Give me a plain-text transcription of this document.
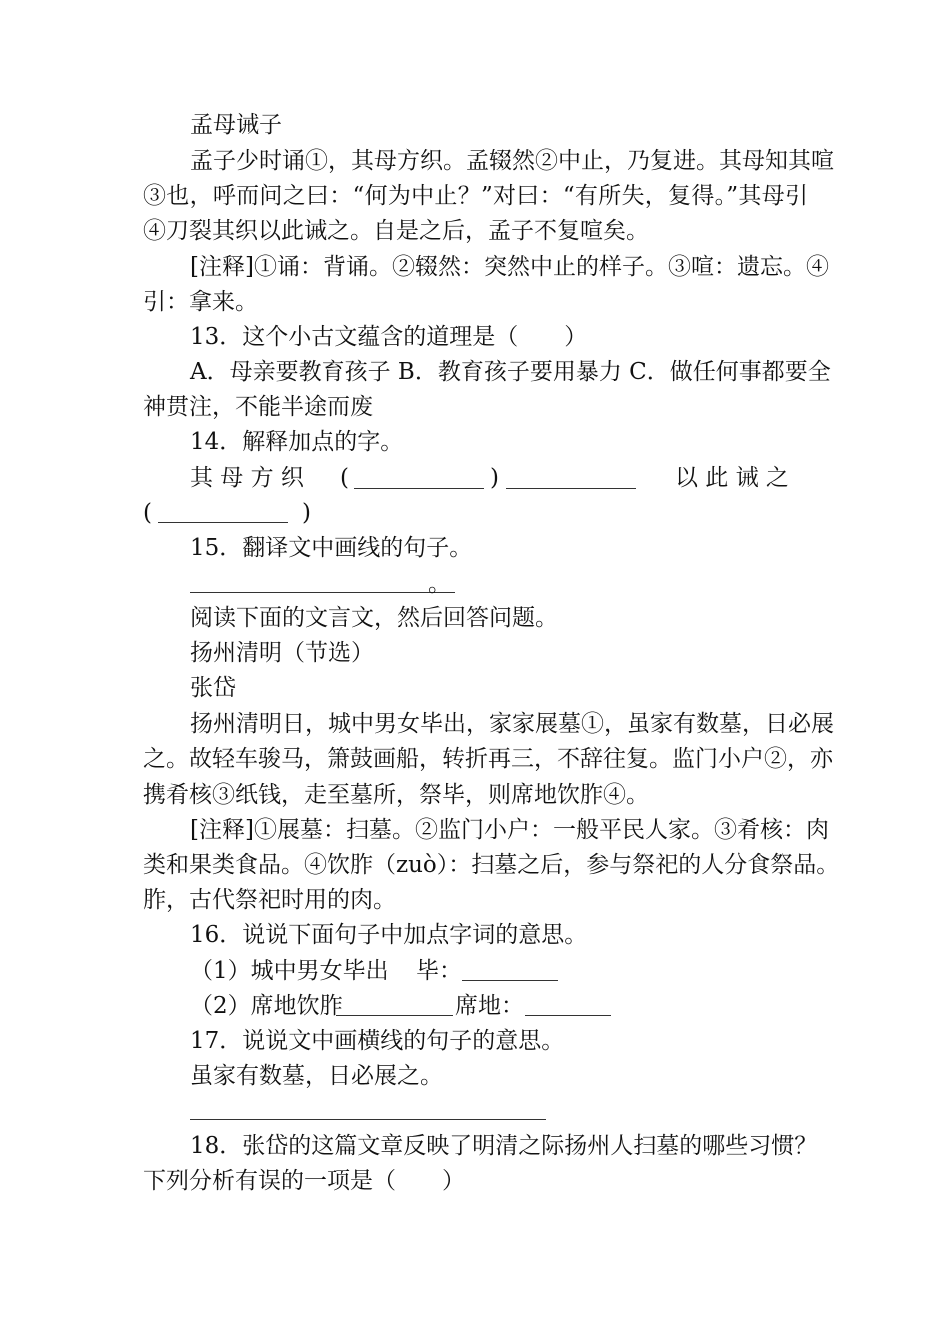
孟母诫子
孟子少时诵①，其母方织。孟辍然②中止，乃复进。其母知其喧
③也，呼而问之曰：“何为中止？”对曰：“有所失，复得。”其母引
④刀裂其织以此诫之。自是之后，孟子不复喧矣。
[注释]①诵：背诵。②辍然：突然中止的样子。③喧：遗忘。④
引：拿来。
13．这个小古文蕴含的道理是（　　）
A．母亲要教育孩子 B．教育孩子要用暴力 C．做任何事都要全
神贯注，不能半途而废
14．解释加点的字。
其 母 方 织 (	)	以 此 诫 之
(	)
15．翻译文中画线的句子。
。
阅读下面的文言文，然后回答问题。
扬州清明（节选）
张岱
扬州清明日，城中男女毕出，家家展墓①，虽家有数墓，日必展
之。故轻车骏马，箫鼓画船，转折再三，不辞往复。监门小户②，亦
携肴核③纸钱，走至墓所，祭毕，则席地饮胙④。
[注释]①展墓：扫墓。②监门小户：一般平民人家。③肴核：肉
类和果类食品。④饮胙（zuò）：扫墓之后，参与祭祀的人分食祭品。
胙，古代祭祀时用的肉。
16．说说下面句子中加点字词的意思。
（1）城中男女毕出 毕：
（2）席地饮胙	席地：
17．说说文中画横线的句子的意思。
虽家有数墓，日必展之。
18．张岱的这篇文章反映了明清之际扬州人扫墓的哪些习惯？
下列分析有误的一项是（　　）
